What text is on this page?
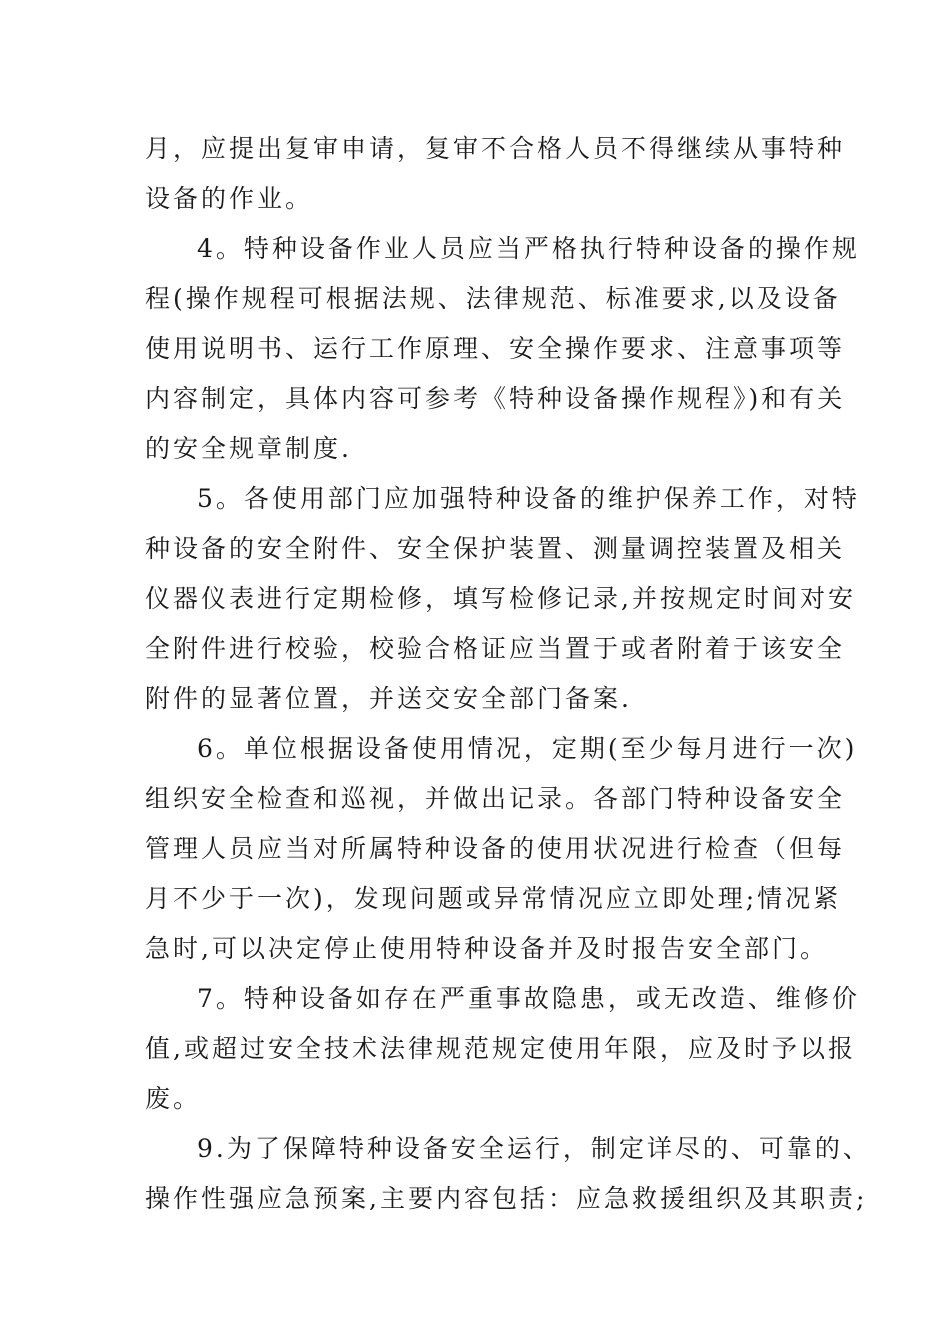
月，应提出复审申请，复审不合格人员不得继续从事特种
设备的作业。
4。特种设备作业人员应当严格执行特种设备的操作规
程(操作规程可根据法规、法律规范、标准要求,以及设备
使用说明书、运行工作原理、安全操作要求、注意事项等
内容制定，具体内容可参考《特种设备操作规程》)和有关
的安全规章制度.
5。各使用部门应加强特种设备的维护保养工作，对特
种设备的安全附件、安全保护装置、测量调控装置及相关
仪器仪表进行定期检修，填写检修记录,并按规定时间对安
全附件进行校验，校验合格证应当置于或者附着于该安全
附件的显著位置，并送交安全部门备案.
6。单位根据设备使用情况，定期(至少每月进行一次)
组织安全检查和巡视，并做出记录。各部门特种设备安全
管理人员应当对所属特种设备的使用状况进行检查（但每
月不少于一次)，发现问题或异常情况应立即处理;情况紧
急时,可以决定停止使用特种设备并及时报告安全部门。
7。特种设备如存在严重事故隐患，或无改造、维修价
值,或超过安全技术法律规范规定使用年限，应及时予以报
废。
9.为了保障特种设备安全运行，制定详尽的、可靠的、
操作性强应急预案,主要内容包括：应急救援组织及其职责;
